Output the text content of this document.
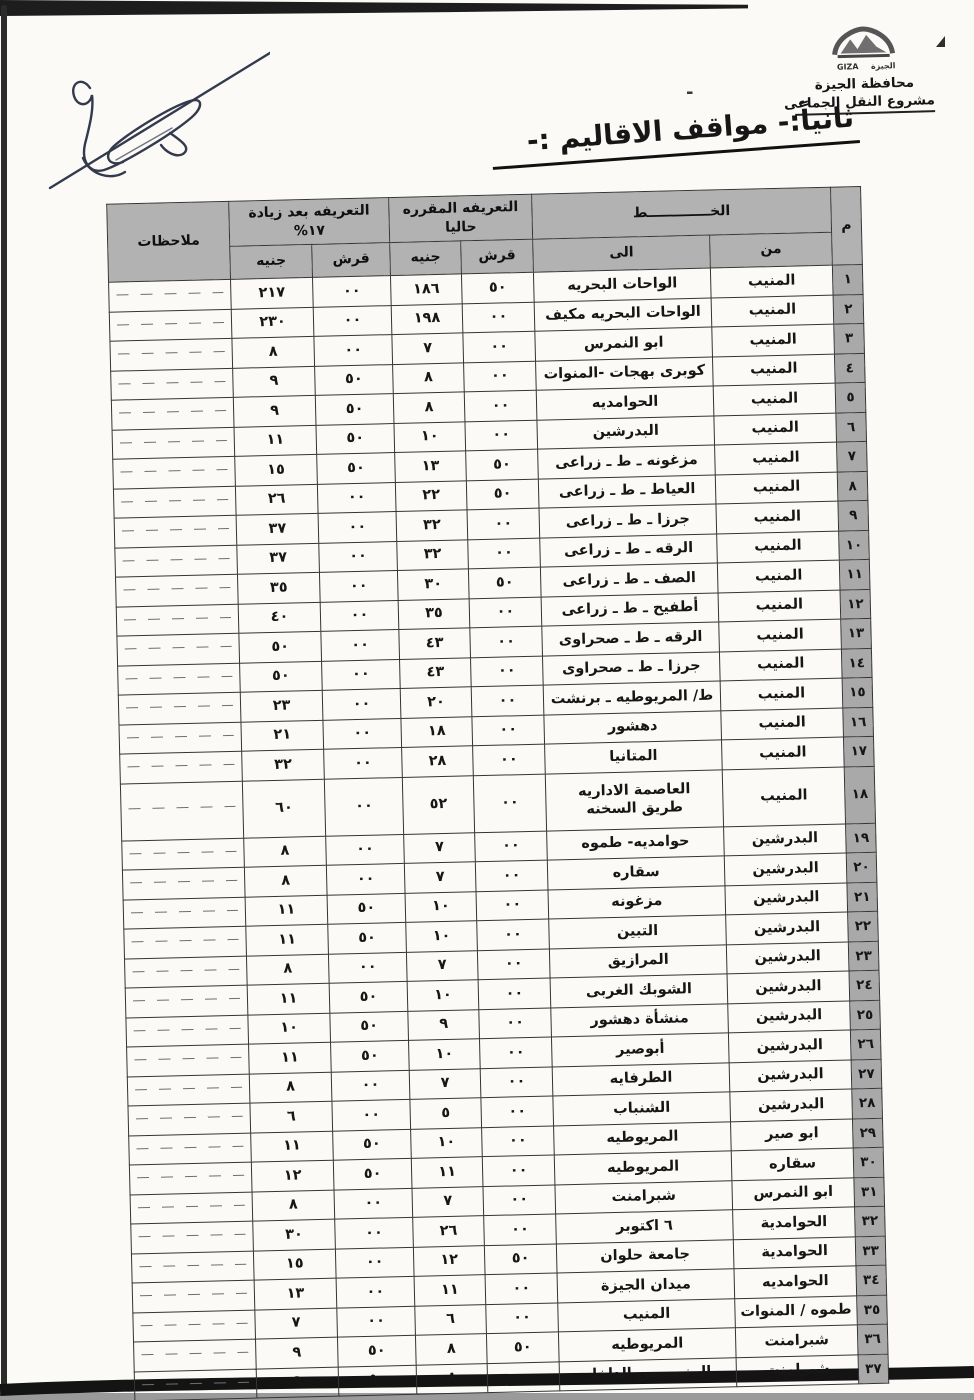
GIZA الجيزة
محافظة الجيزة
مشروع النقل الجماعى
-
ثانياً:- مواقف الاقاليم :-
م	الخـــــــــــــط	
التعريفه المقرره
حاليا

التعريفه بعد زيادة
%١٧
	ملاحظات
	من	الى	قرش	جنيه	قرش	جنيه	
١	المنيب	الواحات البحريه	٥٠	١٨٦	٠٠	٢١٧	
٢	المنيب	الواحات البحريه مكيف	٠٠	١٩٨	٠٠	٢٣٠	
٣	المنيب	ابو النمرس	٠٠	٧	٠٠	٨	
٤	المنيب	كوبرى بهجات -المنوات	٠٠	٨	٥٠	٩	
٥	المنيب	الحوامديه	٠٠	٨	٥٠	٩	
٦	المنيب	البدرشين	٠٠	١٠	٥٠	١١	
٧	المنيب	مزغونه ـ ط ـ زراعى	٥٠	١٣	٥٠	١٥	
٨	المنيب	العياط ـ ط ـ زراعى	٥٠	٢٢	٠٠	٢٦	
٩	المنيب	جرزا ـ ط ـ زراعى	٠٠	٣٢	٠٠	٣٧	
١٠	المنيب	الرقه ـ ط ـ زراعى	٠٠	٣٢	٠٠	٣٧	
١١	المنيب	الصف ـ ط ـ زراعى	٥٠	٣٠	٠٠	٣٥	
١٢	المنيب	أطفيح ـ ط ـ زراعى	٠٠	٣٥	٠٠	٤٠	
١٣	المنيب	الرقه ـ ط ـ صحراوى	٠٠	٤٣	٠٠	٥٠	
١٤	المنيب	جرزا ـ ط ـ صحراوى	٠٠	٤٣	٠٠	٥٠	
١٥	المنيب	ط/ المريوطيه ـ برنشت	٠٠	٢٠	٠٠	٢٣	
١٦	المنيب	دهشور	٠٠	١٨	٠٠	٢١	
١٧	المنيب	المتانيا	٠٠	٢٨	٠٠	٣٢	
١٨	المنيب	العاصمة الاداريه
طريق السخنه	٠٠	٥٢	٠٠	٦٠	
١٩	البدرشين	حوامديه- طموه	٠٠	٧	٠٠	٨	
٢٠	البدرشين	سقاره	٠٠	٧	٠٠	٨	
٢١	البدرشين	مزغونه	٠٠	١٠	٥٠	١١	
٢٢	البدرشين	التبين	٠٠	١٠	٥٠	١١	
٢٣	البدرشين	المرازيق	٠٠	٧	٠٠	٨	
٢٤	البدرشين	الشوبك الغربى	٠٠	١٠	٥٠	١١	
٢٥	البدرشين	منشأة دهشور	٠٠	٩	٥٠	١٠	
٢٦	البدرشين	أبوصير	٠٠	١٠	٥٠	١١	
٢٧	البدرشين	الطرفايه	٠٠	٧	٠٠	٨	
٢٨	البدرشين	الشنباب	٠٠	٥	٠٠	٦	
٢٩	ابو صير	المريوطيه	٠٠	١٠	٥٠	١١	
٣٠	سقاره	المريوطيه	٠٠	١١	٥٠	١٢	
٣١	ابو النمرس	شبرامنت	٠٠	٧	٠٠	٨	
٣٢	الحوامدية	٦ اكتوبر	٠٠	٢٦	٠٠	٣٠	
٣٣	الحوامدية	جامعة حلوان	٥٠	١٢	٠٠	١٥	
٣٤	الحوامديه	ميدان الجيزة	٠٠	١١	٠٠	١٣	
٣٥	طموه / المنوات	المنيب	٠٠	٦	٠٠	٧	
٣٦	شبرامنت	المريوطيه	٥٠	٨	٥٠	٩	
٣٧	شبرامنت	المنيب من الداخل	٠٠	٨	٥٠	٩	
